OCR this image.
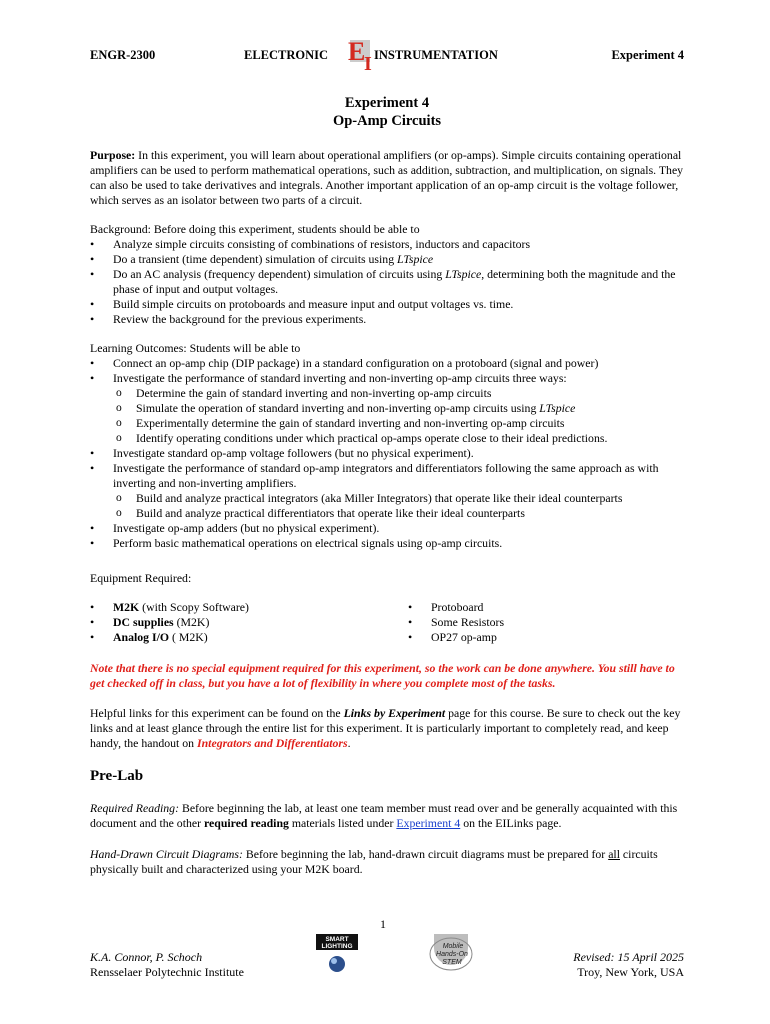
ENGR-2300	ELECTRONIC E
I INSTRUMENTATION	Experiment 4
Experiment 4
Op-Amp Circuits

Purpose: In this experiment, you will learn about operational amplifiers (or op-amps). Simple circuits containing operational amplifiers can be used to perform mathematical operations, such as addition, subtraction, and multiplication, on signals. They can also be used to take derivatives and integrals. Another important application of an op-amp circuit is the voltage follower, which serves as an isolator between two parts of a circuit.

Background: Before doing this experiment, students should be able to

• Analyze simple circuits consisting of combinations of resistors, inductors and capacitors
• Do a transient (time dependent) simulation of circuits using LTspice
• Do an AC analysis (frequency dependent) simulation of circuits using LTspice, determining both the magnitude and the phase of input and output voltages.
• Build simple circuits on protoboards and measure input and output voltages vs. time.
• Review the background for the previous experiments.

Learning Outcomes: Students will be able to

• Connect an op-amp chip (DIP package) in a standard configuration on a protoboard (signal and power)
• Investigate the performance of standard inverting and non-inverting op-amp circuits three ways:
o Determine the gain of standard inverting and non-inverting op-amp circuits
o Simulate the operation of standard inverting and non-inverting op-amp circuits using LTspice
o Experimentally determine the gain of standard inverting and non-inverting op-amp circuits
o Identify operating conditions under which practical op-amps operate close to their ideal predictions.
• Investigate standard op-amp voltage followers (but no physical experiment).
• Investigate the performance of standard op-amp integrators and differentiators following the same approach as with inverting and non-inverting amplifiers.
o Build and analyze practical integrators (aka Miller Integrators) that operate like their ideal counterparts
o Build and analyze practical differentiators that operate like their ideal counterparts
• Investigate op-amp adders (but no physical experiment).
• Perform basic mathematical operations on electrical signals using op-amp circuits.
Equipment Required:
• M2K (with Scopy Software)
• DC supplies (M2K)
• Analog I/O ( M2K)
• Protoboard
• Some Resistors
• OP27 op-amp

Note that there is no special equipment required for this experiment, so the work can be done anywhere. You still have to get checked off in class, but you have a lot of flexibility in where you complete most of the tasks.

Helpful links for this experiment can be found on the Links by Experiment page for this course. Be sure to check out the key links and at least glance through the entire list for this experiment. It is particularly important to completely read, and keep handy, the handout on Integrators and Differentiators.

Pre-Lab

Required Reading: Before beginning the lab, at least one team member must read over and be generally acquainted with this document and the other required reading materials listed under Experiment 4 on the EILinks page.

Hand-Drawn Circuit Diagrams: Before beginning the lab, hand-drawn circuit diagrams must be prepared for all circuits physically built and characterized using your M2K board.

1
K.A. Connor, P. Schoch
Rensselaer Polytechnic Institute
SMART
LIGHTING	Mobile
Hands-On
STEM	Revised: 15 April 2025
Troy, New York, USA
